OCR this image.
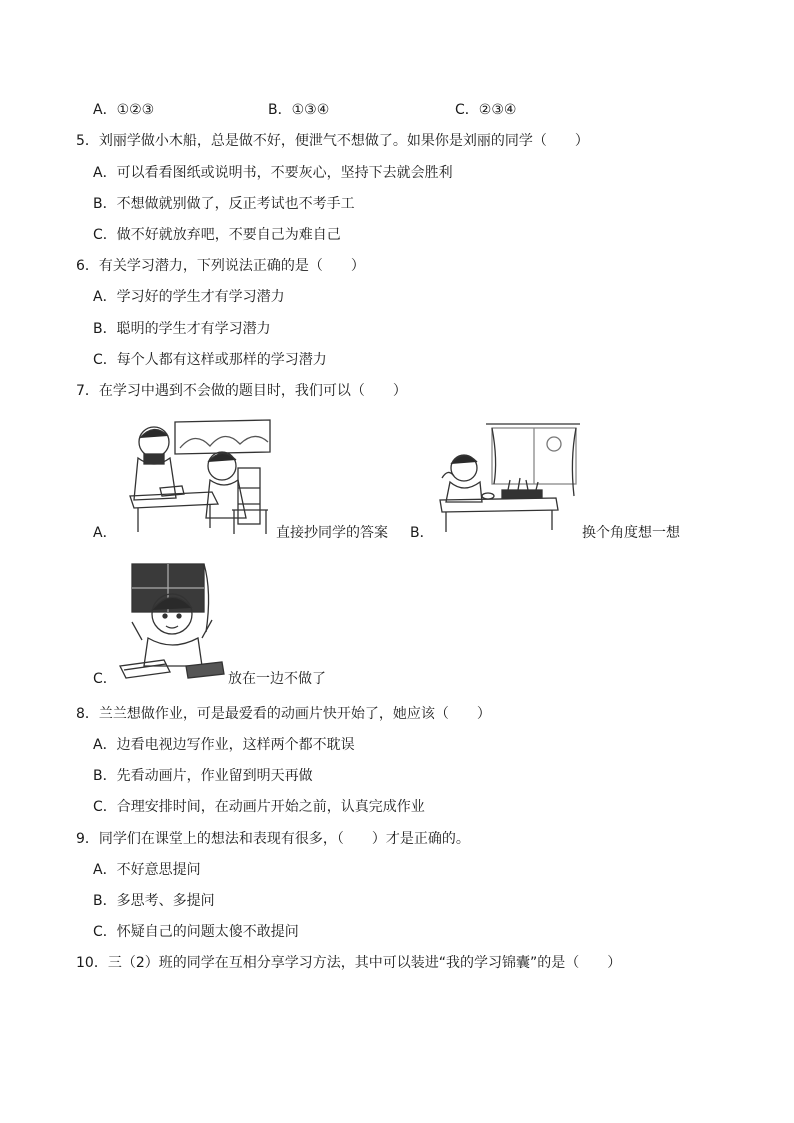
A．①②③	B．①③④	C．②③④
5．刘丽学做小木船，总是做不好，便泄气不想做了。如果你是刘丽的同学（　　）
A．可以看看图纸或说明书，不要灰心，坚持下去就会胜利
B．不想做就别做了，反正考试也不考手工
C．做不好就放弃吧，不要自己为难自己
6．有关学习潜力，下列说法正确的是（　　）
A．学习好的学生才有学习潜力
B．聪明的学生才有学习潜力
C．每个人都有这样或那样的学习潜力
7．在学习中遇到不会做的题目时，我们可以（　　）
A．	直接抄同学的答案 B．	换个角度想一想
C．	放在一边不做了
8．兰兰想做作业，可是最爱看的动画片快开始了，她应该（　　）
A．边看电视边写作业，这样两个都不耽误
B．先看动画片，作业留到明天再做
C．合理安排时间，在动画片开始之前，认真完成作业
9．同学们在课堂上的想法和表现有很多，（　　）才是正确的。
A．不好意思提问
B．多思考、多提问
C．怀疑自己的问题太傻不敢提问
10．三（2）班的同学在互相分享学习方法，其中可以装进“我的学习锦囊”的是（　　）
